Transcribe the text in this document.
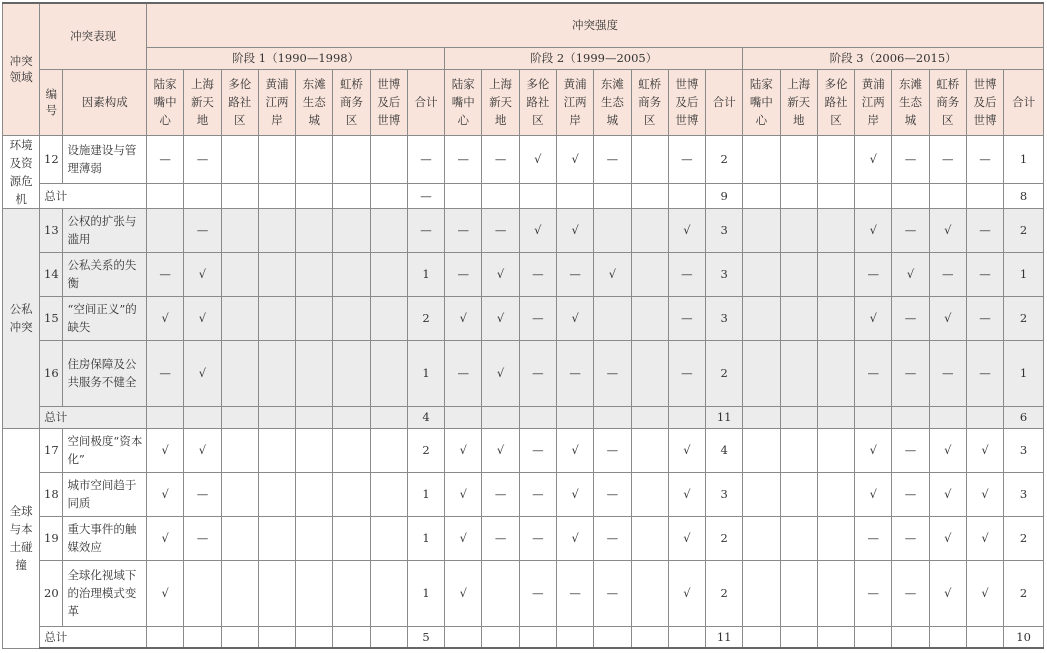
冲突领域	冲突表现		冲突强度																							
			阶段 1（1990—1998）								阶段 2（1999—2005）								阶段 3（2006—2015）							
	编号	因素构成	陆家嘴中心	上海新天地	多伦路社区	黄浦江两岸	东滩生态城	虹桥商务区	世博及后世博	合计	陆家嘴中心	上海新天地	多伦路社区	黄浦江两岸	东滩生态城	虹桥商务区	世博及后世博	合计	陆家嘴中心	上海新天地	多伦路社区	黄浦江两岸	东滩生态城	虹桥商务区	世博及后世博	合计
环境及资源危机	12	设施建设与管理薄弱	—	—						—	—	—	√	√	—		—	2				√	—	—	—	1
	总计									—								9								8
公私冲突	13	公权的扩张与滥用		—						—	—	—	√	√			√	3				√	—	√	—	2
	14	公私关系的失衡	—	√						1	—	√	—	—	√		—	3				—	√	—	—	1
	15	“空间正义”的缺失	√	√						2	√	√	—	√			—	3				√	—	√	—	2
	16	住房保障及公共服务不健全	—	√						1	—	√	—	—	—		—	2				—	—	—	—	1
	总计									4								11								6
全球与本土碰撞	17	空间极度“资本化”	√	√						2	√	√	—	√	—		√	4				√	—	√	√	3
	18	城市空间趋于同质	√	—						1	√	—	—	√	—		√	3				√	—	√	√	3
	19	重大事件的触媒效应	√	—						1	√	—	—	√	—		√	2				—	—	√	√	2
	20	全球化视域下的治理模式变革	√							1	√		—	—	—		√	2				—	—	√	√	2
	总计									5								11								10
